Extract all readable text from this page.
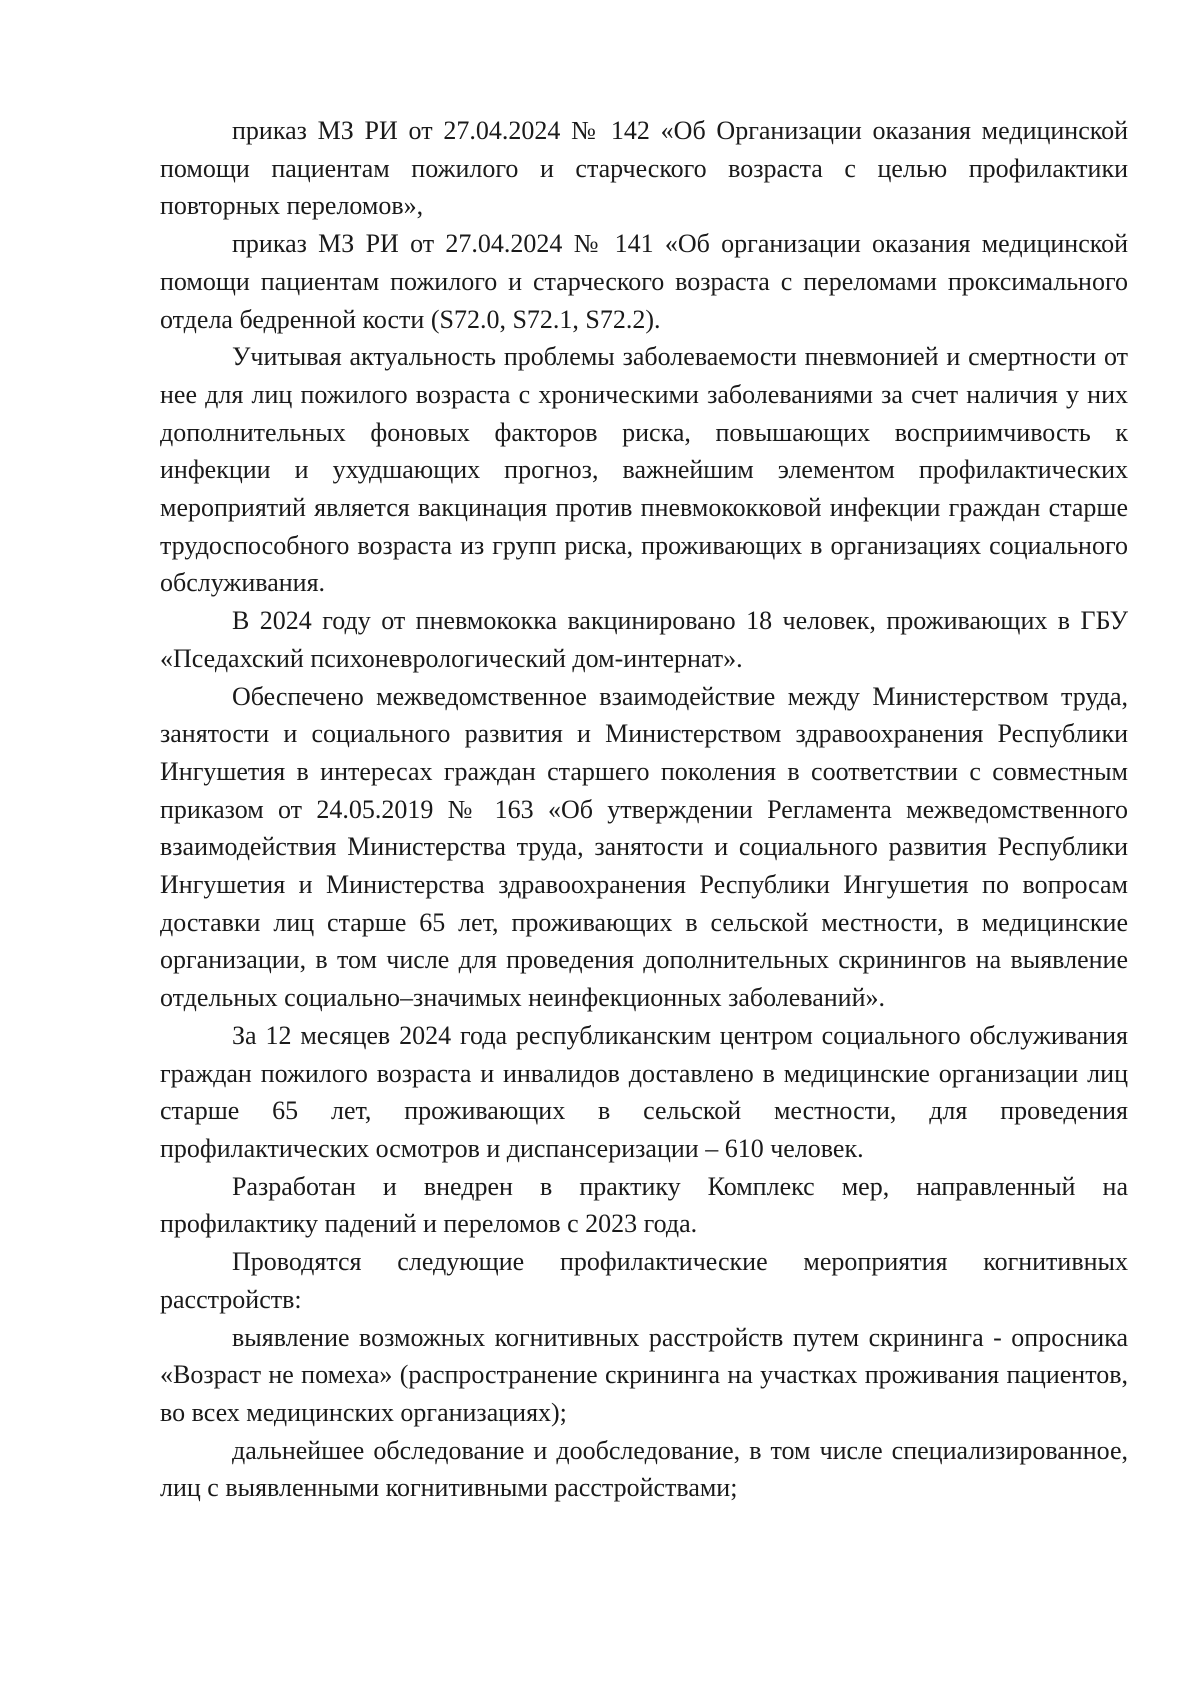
приказ МЗ РИ от 27.04.2024 № 142 «Об Организации оказания медицинской помощи пациентам пожилого и старческого возраста с целью профилактики повторных переломов»,

приказ МЗ РИ от 27.04.2024 № 141 «Об организации оказания медицинской помощи пациентам пожилого и старческого возраста с переломами проксимального отдела бедренной кости (S72.0, S72.1, S72.2).

Учитывая актуальность проблемы заболеваемости пневмонией и смертности от нее для лиц пожилого возраста с хроническими заболеваниями за счет наличия у них дополнительных фоновых факторов риска, повышающих восприимчивость к инфекции и ухудшающих прогноз, важнейшим элементом профилактических мероприятий является вакцинация против пневмококковой инфекции граждан старше трудоспособного возраста из групп риска, проживающих в организациях социального обслуживания.

В 2024 году от пневмококка вакцинировано 18 человек, проживающих в ГБУ «Пседахский психоневрологический дом-интернат».

Обеспечено межведомственное взаимодействие между Министерством труда, занятости и социального развития и Министерством здравоохранения Республики Ингушетия в интересах граждан старшего поколения в соответствии с совместным приказом от 24.05.2019 № 163 «Об утверждении Регламента межведомственного взаимодействия Министерства труда, занятости и социального развития Республики Ингушетия и Министерства здравоохранения Республики Ингушетия по вопросам доставки лиц старше 65 лет, проживающих в сельской местности, в медицинские организации, в том числе для проведения дополнительных скринингов на выявление отдельных социально–значимых неинфекционных заболеваний».

За 12 месяцев 2024 года республиканским центром социального обслуживания граждан пожилого возраста и инвалидов доставлено в медицинские организации лиц старше 65 лет, проживающих в сельской местности, для проведения профилактических осмотров и диспансеризации – 610 человек.

Разработан и внедрен в практику Комплекс мер, направленный на профилактику падений и переломов с 2023 года.

Проводятся следующие профилактические мероприятия когнитивных расстройств:

выявление возможных когнитивных расстройств путем скрининга - опросника «Возраст не помеха» (распространение скрининга на участках проживания пациентов, во всех медицинских организациях);

дальнейшее обследование и дообследование, в том числе специализированное, лиц с выявленными когнитивными расстройствами;
